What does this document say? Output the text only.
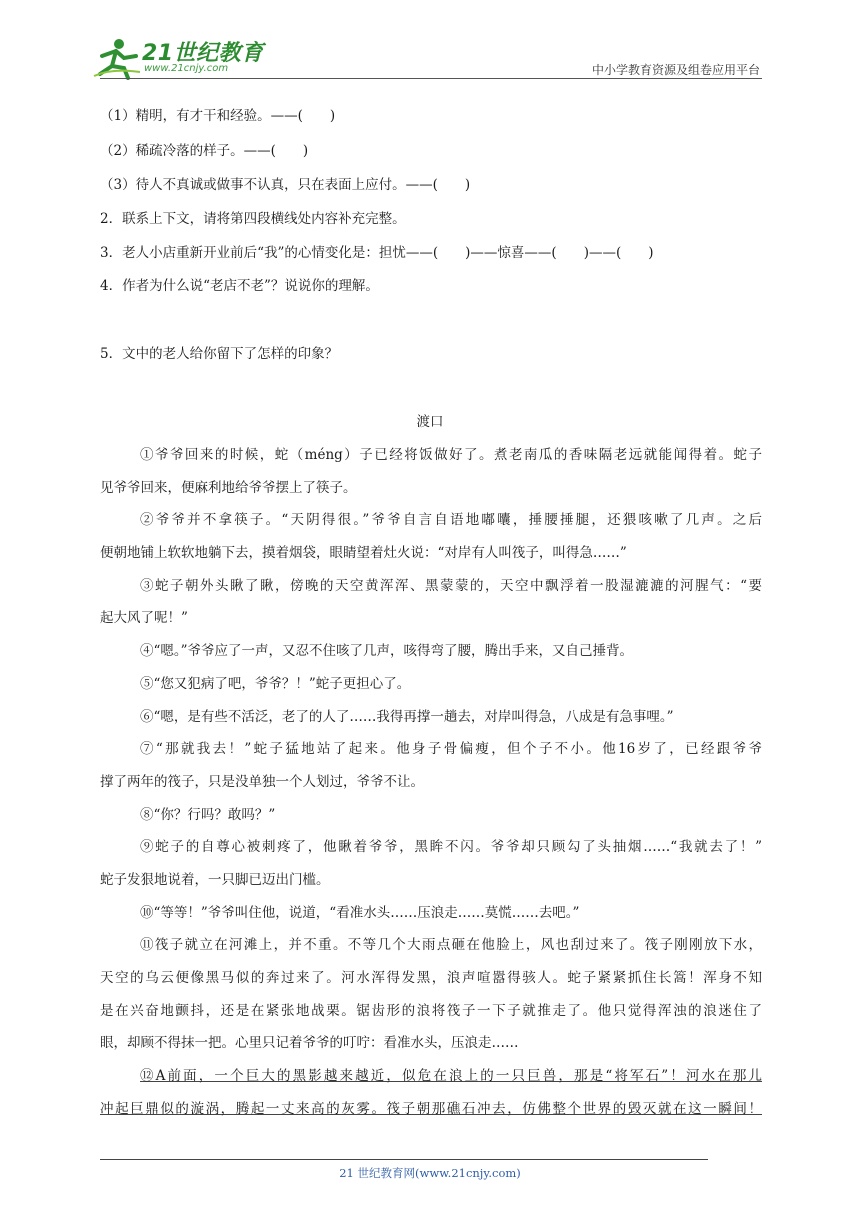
21世纪教育
www.21cnjy.com	中小学教育资源及组卷应用平台
（1）精明，有才干和经验。——(　　)
（2）稀疏冷落的样子。——(　　)
（3）待人不真诚或做事不认真，只在表面上应付。——(　　)
2．联系上下文，请将第四段横线处内容补充完整。
3．老人小店重新开业前后“我”的心情变化是：担忧——(　　)——惊喜——(　　)——(　　)
4．作者为什么说“老店不老”？说说你的理解。
5．文中的老人给你留下了怎样的印象？
渡口
①爷爷回来的时候，蛇（méng）子已经将饭做好了。煮老南瓜的香味隔老远就能闻得着。蛇子
见爷爷回来，便麻利地给爷爷摆上了筷子。
②爷爷并不拿筷子。“天阴得很。”爷爷自言自语地嘟囔，捶腰捶腿，还猥咳嗽了几声。之后
便朝地铺上软软地躺下去，摸着烟袋，眼睛望着灶火说：“对岸有人叫筏子，叫得急……”
③蛇子朝外头瞅了瞅，傍晚的天空黄浑浑、黑蒙蒙的，天空中飘浮着一股湿漉漉的河腥气：“要
起大风了呢！”
④“嗯。”爷爷应了一声，又忍不住咳了几声，咳得弯了腰，腾出手来，又自己捶背。
⑤“您又犯病了吧，爷爷？！”蛇子更担心了。
⑥“嗯，是有些不活泛，老了的人了……我得再撑一趟去，对岸叫得急，八成是有急事哩。”
⑦“那就我去！”蛇子猛地站了起来。他身子骨偏瘦，但个子不小。他16岁了，已经跟爷爷
撑了两年的筏子，只是没单独一个人划过，爷爷不让。
⑧“你？行吗？敢吗？”
⑨蛇子的自尊心被刺疼了，他瞅着爷爷，黑眸不闪。爷爷却只顾勾了头抽烟……“我就去了！”
蛇子发狠地说着，一只脚已迈出门槛。
⑩“等等！”爷爷叫住他，说道，“看准水头……压浪走……莫慌……去吧。”
⑪筏子就立在河滩上，并不重。不等几个大雨点砸在他脸上，风也刮过来了。筏子刚刚放下水，
天空的乌云便像黑马似的奔过来了。河水浑得发黑，浪声喧嚣得骇人。蛇子紧紧抓住长篙！浑身不知
是在兴奋地颤抖，还是在紧张地战栗。锯齿形的浪将筏子一下子就推走了。他只觉得浑浊的浪迷住了
眼，却顾不得抹一把。心里只记着爷爷的叮咛：看准水头，压浪走……
⑫A前面，一个巨大的黑影越来越近，似危在浪上的一只巨兽，那是“将军石”！河水在那儿
冲起巨鼎似的漩涡，腾起一丈来高的灰雾。筏子朝那礁石冲去，仿佛整个世界的毁灭就在这一瞬间！
21 世纪教育网(www.21cnjy.com)
